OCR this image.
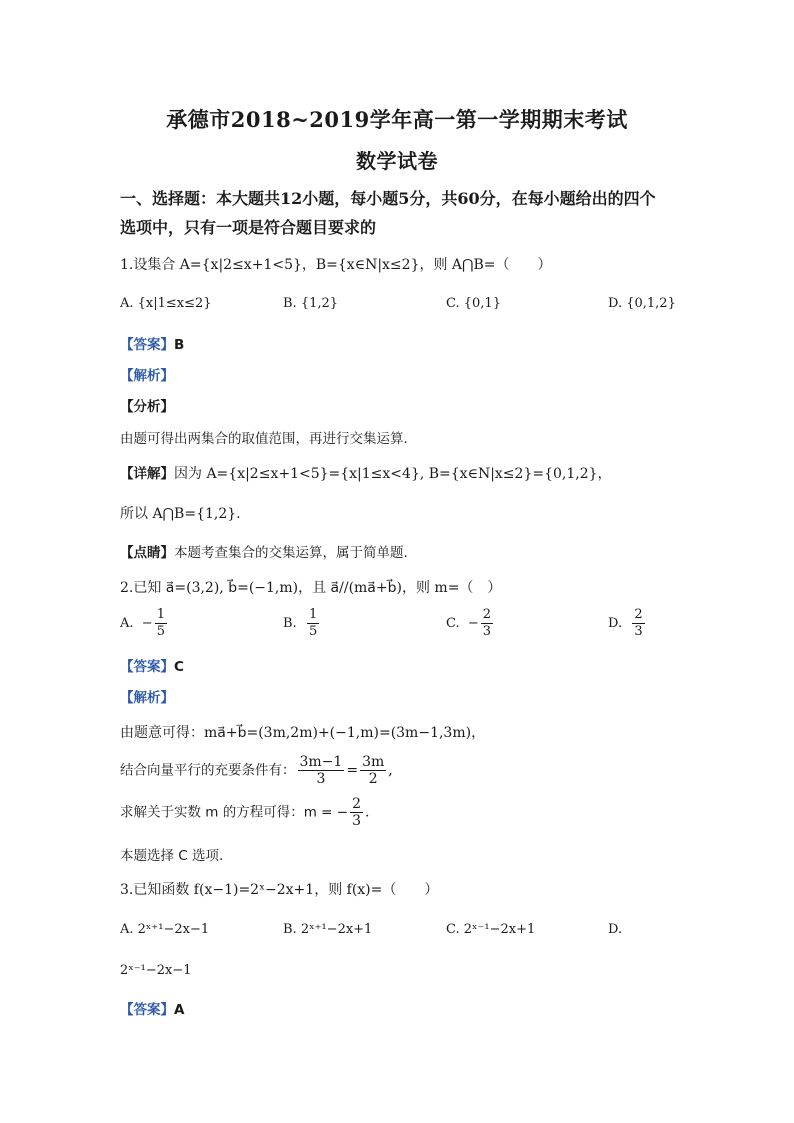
承德市2018~2019学年高一第一学期期末考试
数学试卷
一、选择题：本大题共12小题，每小题5分，共60分，在每小题给出的四个
选项中，只有一项是符合题目要求的
1.设集合 A={x|2≤x+1<5}，B={x∈N|x≤2}，则 A⋂B=（　　）
A. {x|1≤x≤2}	B. {1,2}	C. {0,1}	D. {0,1,2}
【答案】B
【解析】
【分析】
由题可得出两集合的取值范围，再进行交集运算.
【详解】因为 A={x|2≤x+1<5}={x|1≤x<4}, B={x∈N|x≤2}={0,1,2}，
所以 A⋂B={1,2}.
【点睛】本题考查集合的交集运算，属于简单题.
2.已知 a⃗=(3,2), b⃗=(−1,m)，且 a⃗//(ma⃗+b⃗)，则 m=（　）
A. − $\frac{1}{5}$	B. $\frac{1}{5}$	C. − $\frac{2}{3}$	D. $\frac{2}{3}$
【答案】C
【解析】
由题意可得：ma⃗+b⃗=(3m,2m)+(−1,m)=(3m−1,3m)，
结合向量平行的充要条件有： $\frac{3m-1}{3} = \frac{3m}{2}$ ,
求解关于实数 m 的方程可得：m = − $\frac{2}{3}$ .
本题选择 C 选项.
3.已知函数 f(x−1)=2ˣ−2x+1，则 f(x)=（　　）
A. 2ˣ⁺¹−2x−1	B. 2ˣ⁺¹−2x+1	C. 2ˣ⁻¹−2x+1	D.
2ˣ⁻¹−2x−1
【答案】A
